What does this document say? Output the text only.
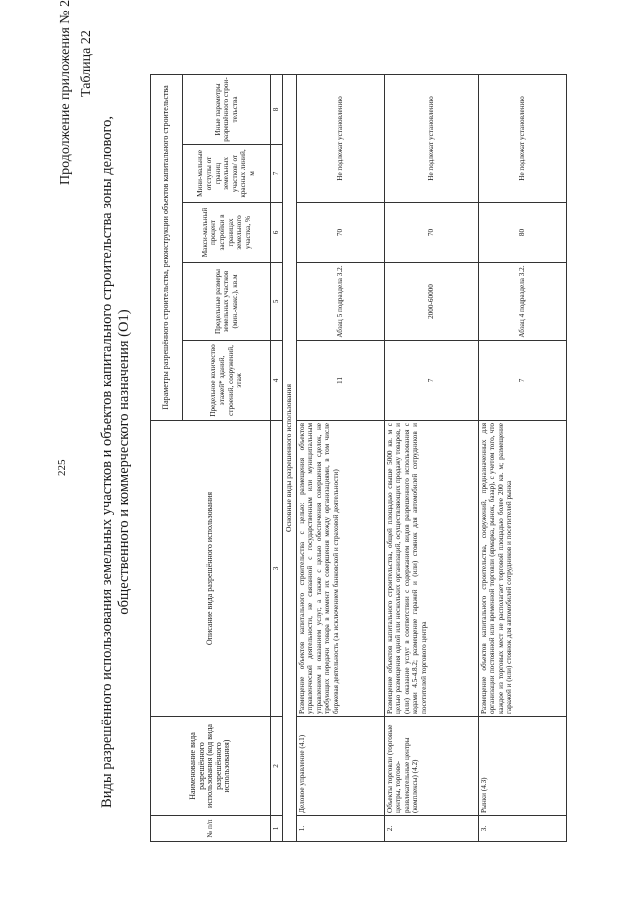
225
Продолжение приложения № 2 Таблица 22
Виды разрешённого использования земельных участков и объектов капитального строительства зоны делового, общественного и коммерческого назначения (О1)
№ п/п	Наименование вида разрешённого использования (код вида разрешённого использования)	Описание вида разрешённого использования	Параметры разрешённого строительства, реконструкции объектов капитального строительства				
			Предельное количество этажей* зданий, строений, сооружений, этаж	Предельные размеры земельных участков (мин.-макс.), кв.м	Макси-мальный процент застройки в границах земельного участка, %	Мини-мальные отступы от границ земельных участков/ от красных линий, м	Иные параметры разрешённого строи-тельства
1	2	3	4	5	6	7	8
Основные виды разрешенного использования							
1.	Деловое управление (4.1)	Размещение объектов капитального строительства с целью: размещения объектов управленческой деятельности, не связанной с государственным или муниципальным управлением и оказанием услуг, а также с целью обеспечения совершения сделок, не требующих передачи товара в момент их совершения между организациями, в том числе биржевая деятельность (за исключением банковской и страховой деятельности)	11	Абзац 5 подраздела 3.2.	70	Не подлежат установлению	
2.	Объекты торговли (торговые центры, торгово-развлекательные центры (комплексы) (4.2)	Размещение объектов капитального строительства, общей площадью свыше 5000 кв. м с целью размещения одной или нескольких организаций, осуществляющих продажу товаров, и (или) оказание услуг в соответствии с содержанием видов разрешенного использования с кодами 4.5-4.8.2; размещение гаражей и (или) стоянок для автомобилей сотрудников и посетителей торгового центра	7	2000-60000	70	Не подлежат установлению	
3.	Рынки (4.3)	Размещение объектов капитального строительства, сооружений, предназначенных для организации постоянной или временной торговли (ярмарка, рынок, базар), с учетом того, что каждое из торговых мест не располагает торговой площадью более 200 кв. м; размещение гаражей и (или) стоянок для автомобилей сотрудников и посетителей рынка	7	Абзац 4 подраздела 3.2.	80	Не подлежат установлению	
